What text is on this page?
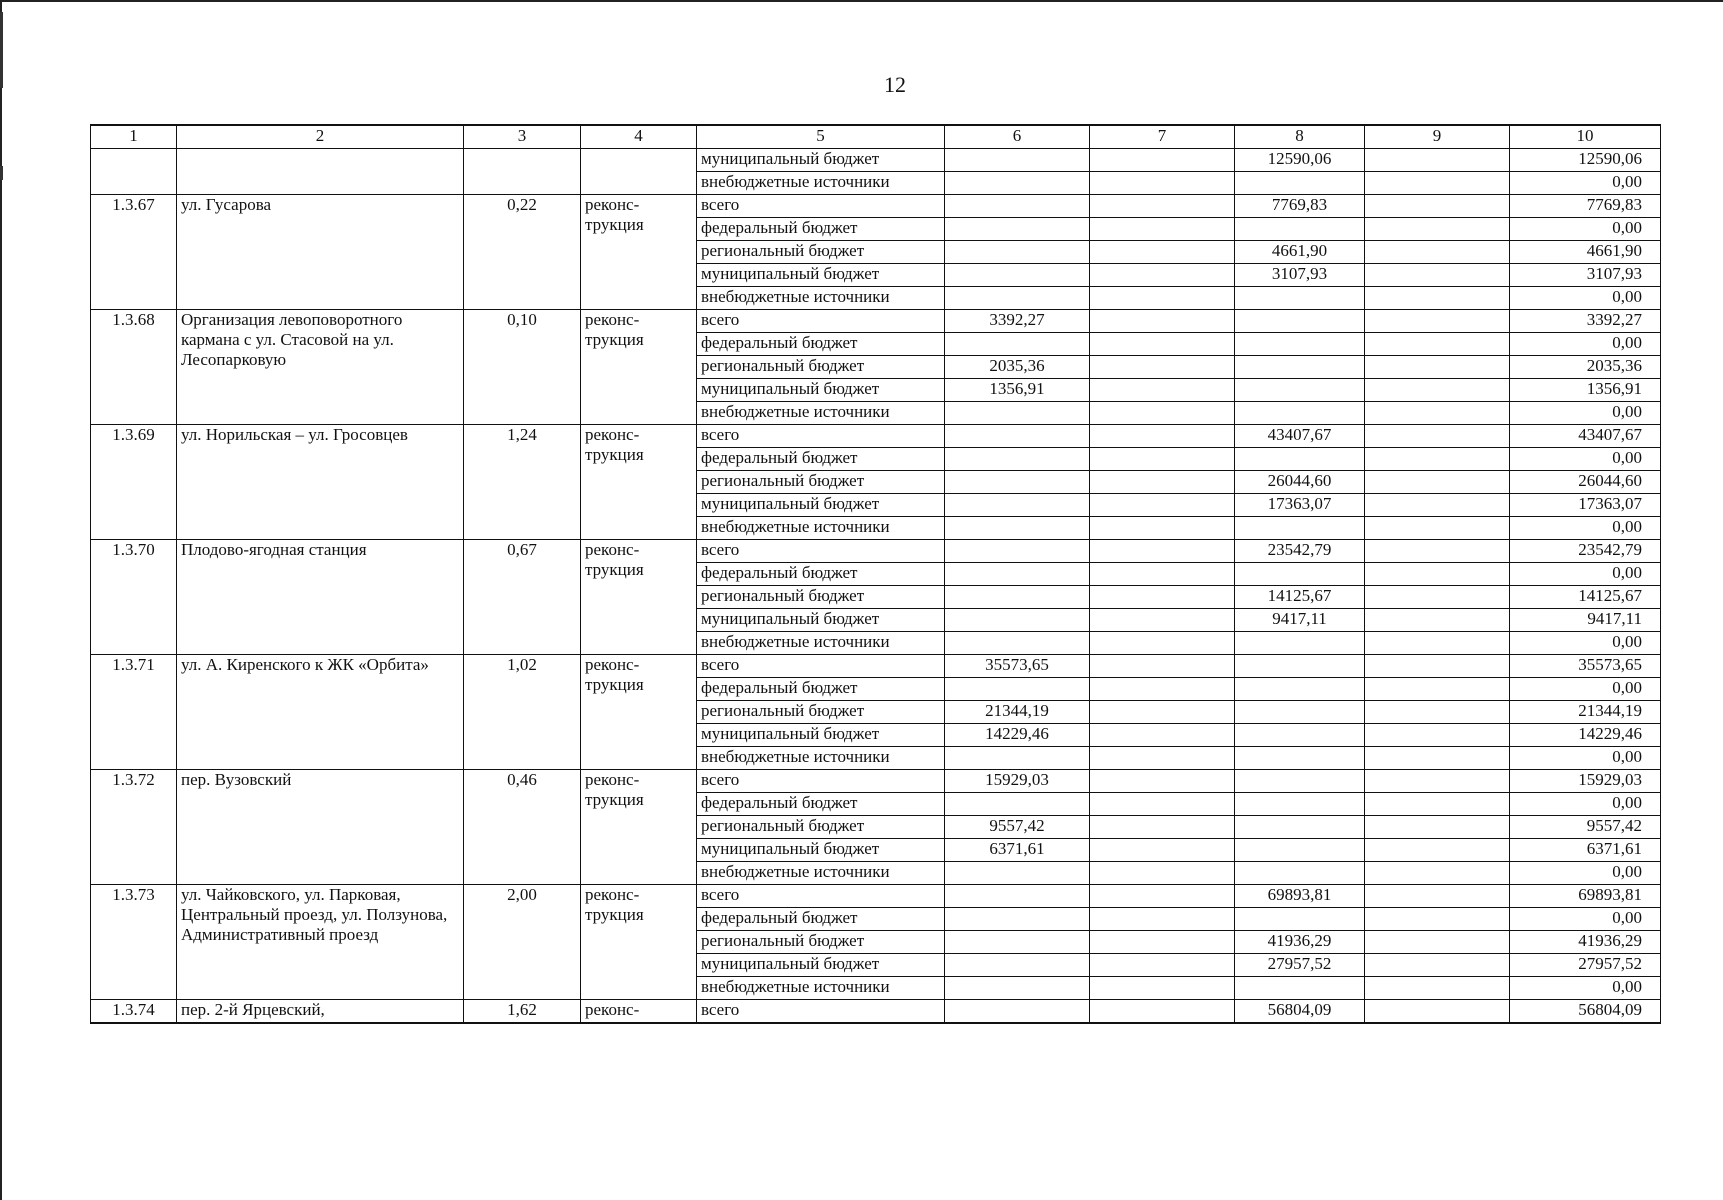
12
1	2	3	4	5	6	7	8	9	10
				муниципальный бюджет			12590,06		12590,06
				внебюджетные источники					0,00
1.3.67	ул. Гусарова	0,22	реконс-трукция	всего			7769,83		7769,83
				федеральный бюджет					0,00
				региональный бюджет			4661,90		4661,90
				муниципальный бюджет			3107,93		3107,93
				внебюджетные источники					0,00
1.3.68	Организация левоповоротного кармана с ул. Стасовой на ул. Лесопарковую	0,10	реконс-трукция	всего	3392,27				3392,27
				федеральный бюджет					0,00
				региональный бюджет	2035,36				2035,36
				муниципальный бюджет	1356,91				1356,91
				внебюджетные источники					0,00
1.3.69	ул. Норильская – ул. Гросовцев	1,24	реконс-трукция	всего			43407,67		43407,67
				федеральный бюджет					0,00
				региональный бюджет			26044,60		26044,60
				муниципальный бюджет			17363,07		17363,07
				внебюджетные источники					0,00
1.3.70	Плодово-ягодная станция	0,67	реконс-трукция	всего			23542,79		23542,79
				федеральный бюджет					0,00
				региональный бюджет			14125,67		14125,67
				муниципальный бюджет			9417,11		9417,11
				внебюджетные источники					0,00
1.3.71	ул. А. Киренского к ЖК «Орбита»	1,02	реконс-трукция	всего	35573,65				35573,65
				федеральный бюджет					0,00
				региональный бюджет	21344,19				21344,19
				муниципальный бюджет	14229,46				14229,46
				внебюджетные источники					0,00
1.3.72	пер. Вузовский	0,46	реконс-трукция	всего	15929,03				15929,03
				федеральный бюджет					0,00
				региональный бюджет	9557,42				9557,42
				муниципальный бюджет	6371,61				6371,61
				внебюджетные источники					0,00
1.3.73	ул. Чайковского, ул. Парковая, Центральный проезд, ул. Ползунова, Административный проезд	2,00	реконс-трукция	всего			69893,81		69893,81
				федеральный бюджет					0,00
				региональный бюджет			41936,29		41936,29
				муниципальный бюджет			27957,52		27957,52
				внебюджетные источники					0,00
1.3.74	пер. 2-й Ярцевский,	1,62	реконс-	всего			56804,09		56804,09
